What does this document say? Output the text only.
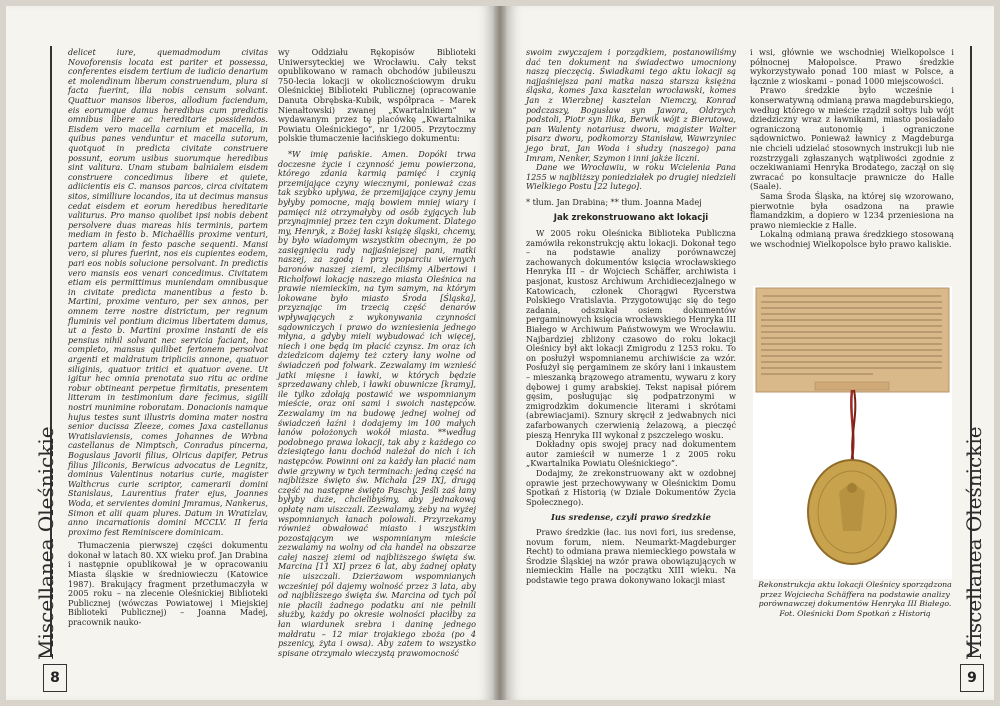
delicet iure, quemadmodum civitas Novoforensis locata est pariter et possessa, conferentes eisdem tertium de iudicio denarium et molendinum liberum construendum, plura si facta fuerint, illa nobis censum solvant. Quattuor mansos liberos, allodium faciendum, eis eorumque damus heredibus cum predictis omnibus libere ac hereditarie possidendos. Eisdem vero macella carnium et macella, in quibus panes venduntur et macella sutorum, quotquot in predicta civitate construere possunt, eorum usibus suorumque heredibus sint valitura. Unam stubam balnialem eisdem construere concedimus libere et quiete, adiicientis eis C. mansos parcos, circa civitatem sitos, similliure locandos, ita ut decimus mansus cedat eisdem et eorum heredibus hereditarie valiturus. Pro manso quolibet ipsi nobis debent persolvere duas mareas hiis terminis, partem mediam in festo b. Michaëllis proxime venturi, partem aliam in festo pasche sequenti. Mansi vero, si plures fuerint, nos eis cupientes eodem, pari eos nobis solucione persolvant. In predictis vero mansis eos venari concedimus. Civitatem etiam eis permittimus muniendam omnibusque in civitate predicta manentibus a festo b. Martini, proxime venturo, per sex annos, per omnem terre nostre districtum, per regnum fluminis vel pontium dicimus libertatem damus, ut a festo b. Martini proxime instanti de eis pensius nihil solvant nec servicia faciant, hoc completo, mansus quilibet fertonem persolvat argenti et maldratum tripliciis annone, quatuor siliginis, quatuor tritici et quatuor avene. Ut igitur hec omnia prenotata suo ritu ac ordine robur obtineant perpetue firmitatis, presentem litteram in testimonium dare fecimus, sigilli nostri munimine roboratam. Donacionis namque hujus testes sunt illustris domina mater nostra senior ducissa Zleeze, comes Jaxa castellanus Wratislaviensis, comes Johannes de Wrbna castellanus de Nimptsch, Conradus pincerna, Boguslaus Javorii filius, Olricus dapifer, Petrus filius Jiliconis, Berwicus advocatus de Legnitz, dominus Valentinus notarius curie, magister Walthcrus curie scriptor, camerarii domini Stanislaus, Laurentius frater ejus, Joannes Woda, et servientes domini Jmramus, Nankerus, Simon et alii quam plures. Datum in Wratizlav, anno incarnationis domini MCCLV. II feria proximo fest Reminiscere dominicam.

Tłumaczenia pierwszej części dokumentu dokonał w latach 80. XX wieku prof. Jan Drabina i następnie opublikował je w opracowaniu Miasta śląskie w średniowieczu (Katowice 1987). Brakujący fragment przetłumaczyła w 2005 roku – na zlecenie Oleśnickiej Biblioteki Publicznej (wówczas Powiatowej i Miejskiej Biblioteki Publicznej) – Joanna Madej, pracownik nauko-

wy Oddziału Rękopisów Biblioteki Uniwersyteckiej we Wrocławiu. Cały tekst opublikowano w ramach obchodów jubileuszu 750-lecia lokacji w okolicznościowym druku Oleśnickiej Biblioteki Publicznej (opracowanie Danuta Obrębska-Kubik, współpraca – Marek Nienałtowski) zwanej „Kwartalnikiem” w wydawanym przez tę placówkę „Kwartalnika Powiatu Oleśnickiego”, nr 1/2005. Przytoczmy polskie tłumaczenie łacińskiego dokumentu:

*W imię pańskie. Amen. Dopóki trwa doczesne życie i czynność jemu powierzona, którego zdania karmią pamięć i czynią przemijające czyny wiecznymi, ponieważ czas tak szybko upływa, że przemijające czyny jemu byłyby pomocne, mają bowiem mniej wiary i pamięci niż otrzymałyby od osób żyjących lub przynajmniej przez ten czyn dokument. Dlatego my, Henryk, z Bożej łaski książę śląski, chcemy, by było wiadomym wszystkim obecnym, że po zasięgnięciu rady najjaśniejszej pani, matki naszej, za zgodą i przy poparciu wiernych baronów naszej ziemi, zleciliśmy Albertowi i Richolfowi lokację naszego miasta Oleśnica na prawie niemieckim, na tym samym, na którym lokowane było miasto Środa [Śląska], przyznając im trzecią część denarów wpływających z wykonywania czynności sądowniczych i prawo do wzniesienia jednego młyna, a gdyby mieli wybudować ich więcej, niech i one będą im płacić czynsz. Im oraz ich dziedzicom dajemy też cztery łany wolne od świadczeń pod folwark. Zezwalamy im wznieść jatki mięsne i ławki, w których będzie sprzedawany chleb, i ławki obuwnicze [kramy], ile tylko zdołają postawić we wspomnianym mieście, oraz oni sami i swoich następców. Zezwalamy im na budowę jednej wolnej od świadczeń łaźni i dodajemy im 100 małych łanów położonych wokół miasta. **według podobnego prawa lokacji, tak aby z każdego co dziesiątego łanu dochód należał do nich i ich następców. Powinni oni za każdy łan płacić nam dwie grzywny w tych terminach: jedną część na najbliższe święto św. Michała [29 IX], drugą część na następne święto Paschy. Jeśli zaś łany byłyby duże, chcielibyśmy, aby jednakową opłatę nam uiszczali. Zezwalamy, żeby na wyżej wspomnianych łanach polowali. Przyrzekamy również obwałować miasto i wszystkim pozostającym we wspomnianym mieście zezwalamy na wolny od cła handel na obszarze całej naszej ziemi od najbliższego święta św. Marcina [11 XI] przez 6 lat, aby żadnej opłaty nie uiszczali. Dzierżawom wspomnianych wcześniej pól dajemy wolność przez 3 lata, aby od najbliższego święta św. Marcina od tych pól nie płacili żadnego podatku ani nie pełnili służby, każdy po okresie wolności płaciłby za łan wiardunek srebra i daninę jednego małdratu – 12 miar trojakiego zboża (po 4 pszenicy, żyta i owsa). Aby zatem to wszystko spisane otrzymało wieczystą prawomocność

Miscellanea Oleśnickie
8

swoim zwyczajem i porządkiem, postanowiliśmy dać ten dokument na świadectwo umocniony naszą pieczęcią. Świadkami tego aktu lokacji są najjaśniejsza pani matka nasza starsza księżna śląska, komes Jaxa kasztelan wrocławski, komes Jan z Wierzbnej kasztelan Niemczy, Konrad podczaszy, Bogusław syn Jawora, Oldrzych podstoli, Piotr syn Ilika, Berwik wójt z Bierutowa, pan Walenty notariusz dworu, magister Walter pisarz dworu, podkomorzy Stanisław, Wawrzyniec jego brat, Jan Woda i słudzy (naszego) pana Imram, Nenker, Szymon i inni jakże liczni.

Dane we Wrocławiu, w roku Wcielenia Pana 1255 w najbliższy poniedziałek po drugiej niedzieli Wielkiego Postu [22 lutego].

* tłum. Jan Drabina; ** tłum. Joanna Madej

Jak zrekonstruowano akt lokacji

W 2005 roku Oleśnicka Biblioteka Publiczna zamówiła rekonstrukcję aktu lokacji. Dokonał tego – na podstawie analizy porównawczej zachowanych dokumentów księcia wrocławskiego Henryka III – dr Wojciech Schäffer, archiwista i pasjonat, kustosz Archiwum Archidiecezjalnego w Katowicach, członek Chorągwi Rycerstwa Polskiego Vratislavia. Przygotowując się do tego zadania, odszukał osiem dokumentów pergaminowych księcia wrocławskiego Henryka III Białego w Archiwum Państwowym we Wrocławiu. Najbardziej zbliżony czasowo do roku lokacji Oleśnicy był akt lokacji Zmigrodu z 1253 roku. To on posłużył wspomnianemu archiwiście za wzór. Posłużył się pergaminem ze skóry łani i inkaustem – mieszanką brązowego atramentu, wywaru z kory dębowej i gumy arabskiej. Tekst napisał piórem gęsim, posługując się podpatrzonymi w zmigrodzkim dokumencie literami i skrótami (abrewiacjami). Sznury skręcił z jedwabnych nici zafarbowanych czerwienią żelazową, a pieczęć pieszą Henryka III wykonał z pszczelego wosku.

Dokładny opis swojej pracy nad dokumentem autor zamieścił w numerze 1 z 2005 roku „Kwartalnika Powiatu Oleśnickiego”.

Dodajmy, że zrekonstruowany akt w ozdobnej oprawie jest przechowywany w Oleśnickim Domu Spotkań z Historią (w Dziale Dokumentów Życia Społecznego).

Ius sredense, czyli prawo średzkie

Prawo średzkie (łac. ius novi fori, ius sredense, novum forum, niem. Neumarkt-Magdeburger Recht) to odmiana prawa niemieckiego powstała w Środzie Śląskiej na wzór prawa obowiązujących w niemieckim Halle na początku XIII wieku. Na podstawie tego prawa dokonywano lokacji miast

i wsi, głównie we wschodniej Wielkopolsce i północnej Małopolsce. Prawo średzkie wykorzystywało ponad 100 miast w Polsce, a łącznie z wioskami – ponad 1000 miejscowości.

Prawo średzkie było wcześnie i konserwatywną odmianą prawa magdeburskiego, według którego w mieście rządził sołtys lub wójt dziedziczny wraz z ławnikami, miasto posiadało ograniczoną autonomię i ograniczone sądownictwo. Ponieważ ławnicy z Magdeburga nie chcieli udzielać stosownych instrukcji lub nie rozstrzygali zgłaszanych wątpliwości zgodnie z oczekiwaniami Henryka Brodatego, zaczął on się zwracać po konsultacje prawnicze do Halle (Saale).

Sama Środa Śląska, na której się wzorowano, pierwotnie była osadzona na prawie flamandzkim, a dopiero w 1234 przeniesiona na prawo niemieckie z Halle.

Lokalną odmianą prawa średzkiego stosowaną we wschodniej Wielkopolsce było prawo kaliskie.

Rekonstrukcja aktu lokacji Oleśnicy sporządzona przez Wojciecha Schäffera na podstawie analizy porównawczej dokumentów Henryka III Białego. Fot. Oleśnicki Dom Spotkań z Historią	Miscellanea Oleśnickie
9
